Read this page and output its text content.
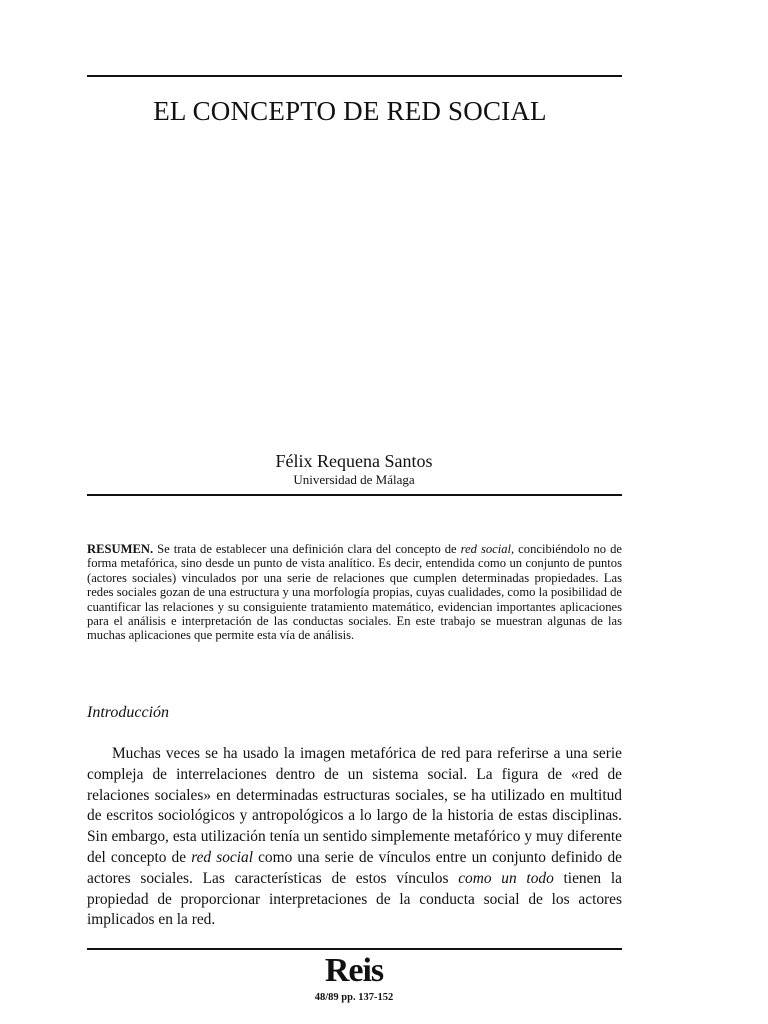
EL CONCEPTO DE RED SOCIAL
Félix Requena Santos
Universidad de Málaga

RESUMEN. Se trata de establecer una definición clara del concepto de red social, concibiéndolo no de forma metafórica, sino desde un punto de vista analítico. Es decir, entendida como un conjunto de puntos (actores sociales) vinculados por una serie de relaciones que cumplen determinadas propiedades. Las redes sociales gozan de una estructura y una morfología propias, cuyas cualidades, como la posibilidad de cuantificar las relaciones y su consiguiente tratamiento matemático, evidencian importantes aplicaciones para el análisis e interpretación de las conductas sociales. En este trabajo se muestran algunas de las muchas aplicaciones que permite esta vía de análisis.

Introducción

Muchas veces se ha usado la imagen metafórica de red para referirse a una serie compleja de interrelaciones dentro de un sistema social. La figura de «red de relaciones sociales» en determinadas estructuras sociales, se ha utilizado en multitud de escritos sociológicos y antropológicos a lo largo de la historia de estas disciplinas. Sin embargo, esta utilización tenía un sentido simplemente metafórico y muy diferente del concepto de red social como una serie de vínculos entre un conjunto definido de actores sociales. Las características de estos vínculos como un todo tienen la propiedad de proporcionar interpretaciones de la conducta social de los actores implicados en la red.

Reis
48/89 pp. 137-152
